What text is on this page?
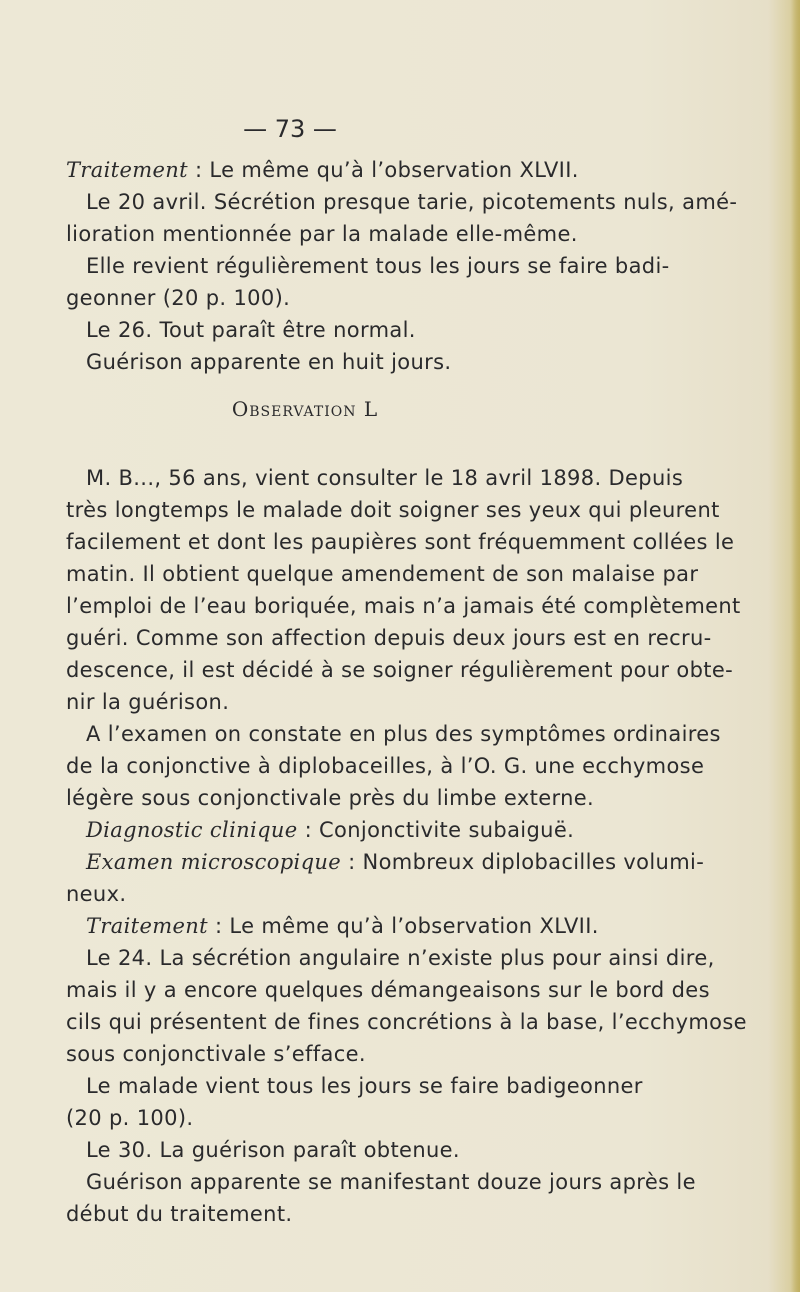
— 73 —
Traitement : Le même qu’à l’observation XLVII.
Le 20 avril. Sécrétion presque tarie, picotements nuls, amé-
lioration mentionnée par la malade elle-même.
Elle revient régulièrement tous les jours se faire badi-
geonner (20 p. 100).
Le 26. Tout paraît être normal.
Guérison apparente en huit jours.
Observation L
M. B..., 56 ans, vient consulter le 18 avril 1898. Depuis
très longtemps le malade doit soigner ses yeux qui pleurent
facilement et dont les paupières sont fréquemment collées le
matin. Il obtient quelque amendement de son malaise par
l’emploi de l’eau boriquée, mais n’a jamais été complètement
guéri. Comme son affection depuis deux jours est en recru-
descence, il est décidé à se soigner régulièrement pour obte-
nir la guérison.
A l’examen on constate en plus des symptômes ordinaires
de la conjonctive à diplobaceilles, à l’O. G. une ecchymose
légère sous conjonctivale près du limbe externe.
Diagnostic clinique : Conjonctivite subaiguë.
Examen microscopique : Nombreux diplobacilles volumi-
neux.
Traitement : Le même qu’à l’observation XLVII.
Le 24. La sécrétion angulaire n’existe plus pour ainsi dire,
mais il y a encore quelques démangeaisons sur le bord des
cils qui présentent de fines concrétions à la base, l’ecchymose
sous conjonctivale s’efface.
Le malade vient tous les jours se faire badigeonner
(20 p. 100).
Le 30. La guérison paraît obtenue.
Guérison apparente se manifestant douze jours après le
début du traitement.
